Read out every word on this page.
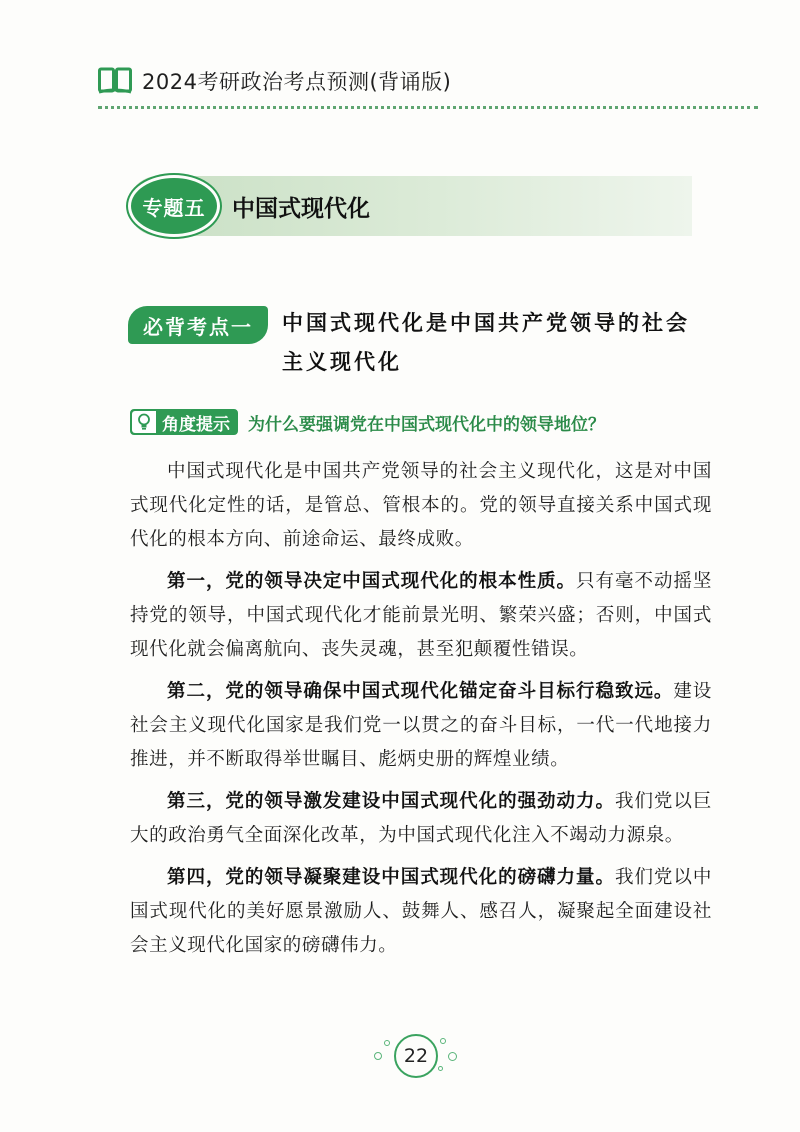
2024考研政治考点预测(背诵版)
专题五	中国式现代化
必背考点一	中国式现代化是中国共产党领导的社会主义现代化
角度提示	为什么要强调党在中国式现代化中的领导地位？

中国式现代化是中国共产党领导的社会主义现代化，这是对中国式现代化定性的话，是管总、管根本的。党的领导直接关系中国式现代化的根本方向、前途命运、最终成败。

第一，党的领导决定中国式现代化的根本性质。只有毫不动摇坚持党的领导，中国式现代化才能前景光明、繁荣兴盛；否则，中国式现代化就会偏离航向、丧失灵魂，甚至犯颠覆性错误。

第二，党的领导确保中国式现代化锚定奋斗目标行稳致远。建设社会主义现代化国家是我们党一以贯之的奋斗目标，一代一代地接力推进，并不断取得举世瞩目、彪炳史册的辉煌业绩。

第三，党的领导激发建设中国式现代化的强劲动力。我们党以巨大的政治勇气全面深化改革，为中国式现代化注入不竭动力源泉。

第四，党的领导凝聚建设中国式现代化的磅礴力量。我们党以中国式现代化的美好愿景激励人、鼓舞人、感召人，凝聚起全面建设社会主义现代化国家的磅礴伟力。

22
